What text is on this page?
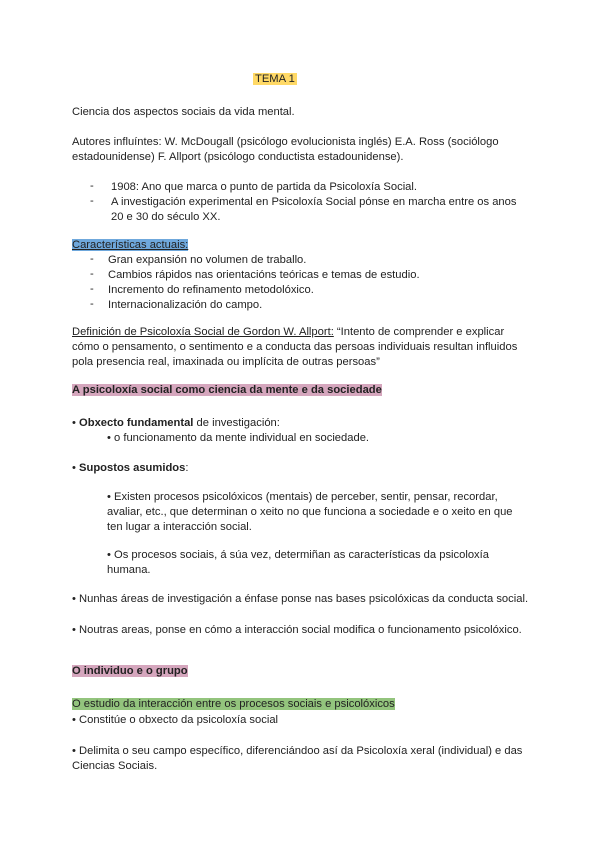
TEMA 1
Ciencia dos aspectos sociais da vida mental.
Autores influíntes: W. McDougall (psicólogo evolucionista inglés) E.A. Ross (sociólogo
estadounidense) F. Allport (psicólogo conductista estadounidense).
- 1908: Ano que marca o punto de partida da Psicoloxía Social.
- A investigación experimental en Psicoloxía Social pónse en marcha entre os anos
20 e 30 do século XX.
Características actuais:
- Gran expansión no volumen de traballo.
- Cambios rápidos nas orientacións teóricas e temas de estudio.
- Incremento do refinamento metodolóxico.
- Internacionalización do campo.
Definición de Psicoloxía Social de Gordon W. Allport: “Intento de comprender e explicar
cómo o pensamento, o sentimento e a conducta das persoas individuais resultan influidos
pola presencia real, imaxinada ou implícita de outras persoas”
A psicoloxía social como ciencia da mente e da sociedade
• Obxecto fundamental de investigación:
• o funcionamento da mente individual en sociedade.
• Supostos asumidos:
• Existen procesos psicolóxicos (mentais) de perceber, sentir, pensar, recordar,
avaliar, etc., que determinan o xeito no que funciona a sociedade e o xeito en que
ten lugar a interacción social.
• Os procesos sociais, á súa vez, determiñan as características da psicoloxía
humana.
• Nunhas áreas de investigación a énfase ponse nas bases psicolóxicas da conducta social.
• Noutras areas, ponse en cómo a interacción social modifica o funcionamento psicolóxico.
O individuo e o grupo
O estudio da interacción entre os procesos sociais e psicolóxicos
• Constitúe o obxecto da psicoloxía social
• Delimita o seu campo específico, diferenciándoo así da Psicoloxía xeral (individual) e das
Ciencias Sociais.
